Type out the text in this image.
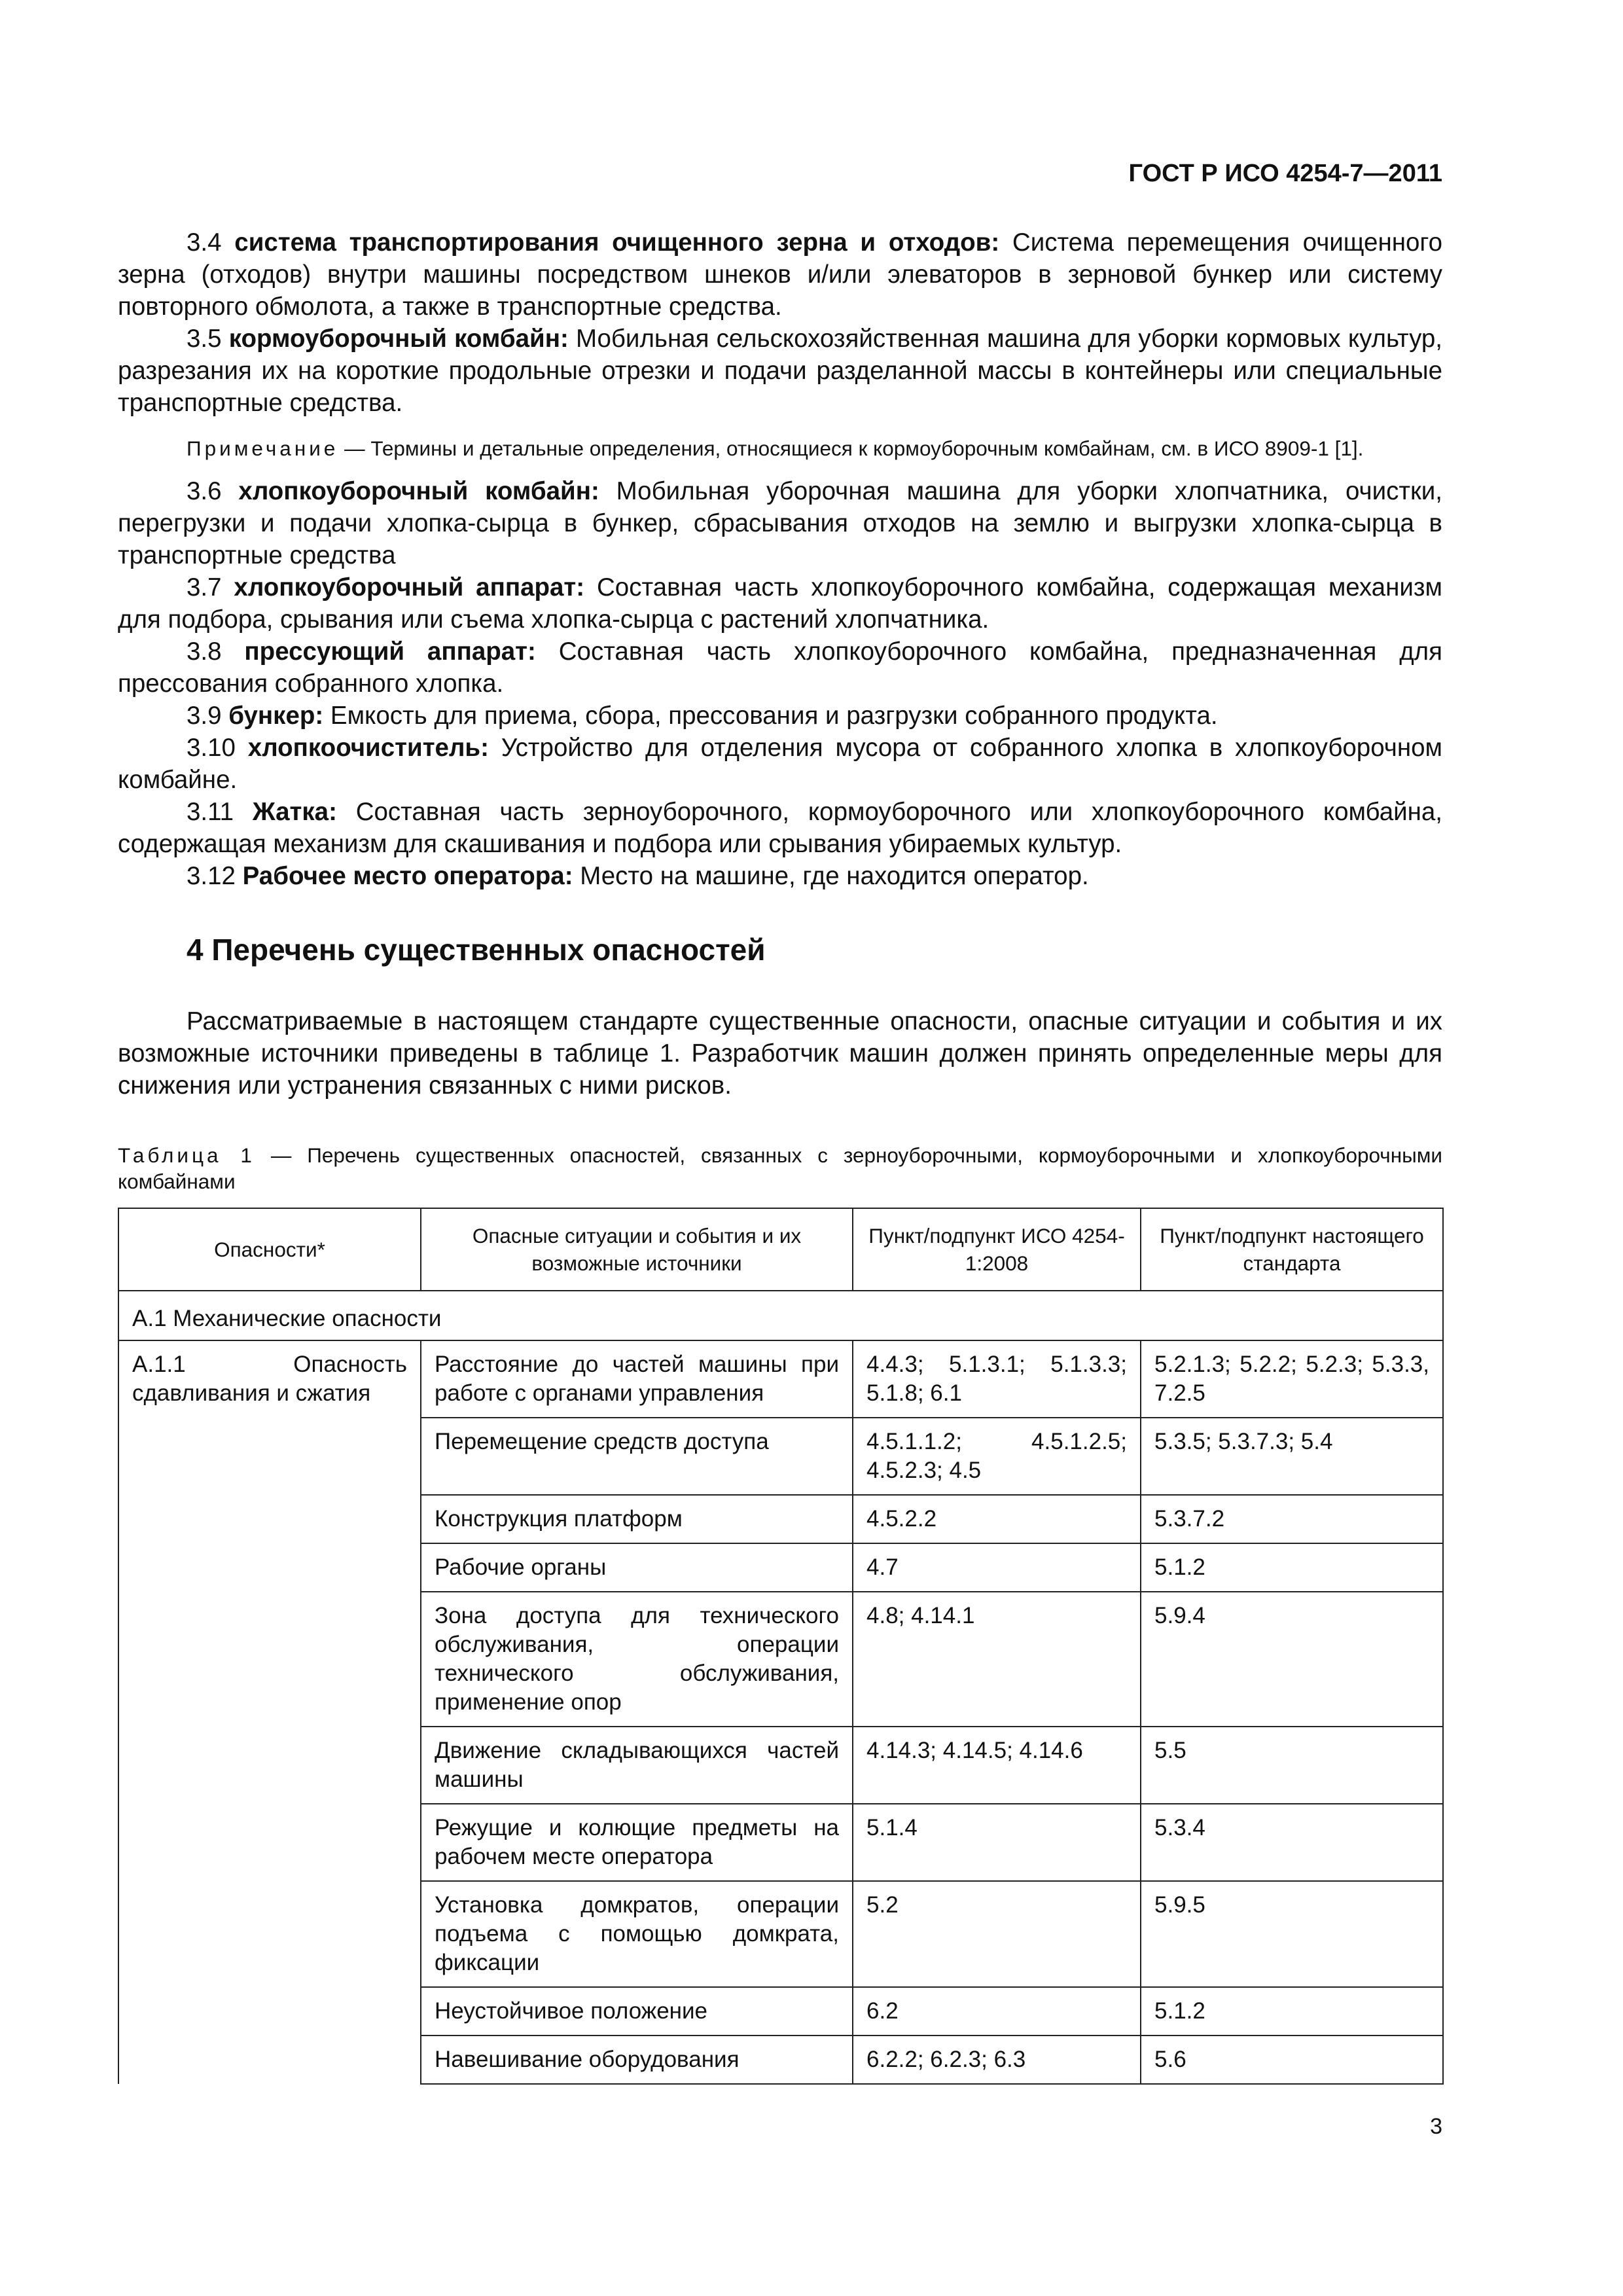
ГОСТ Р ИСО 4254-7—2011

3.4 система транспортирования очищенного зерна и отходов: Система перемещения очищенного зерна (отходов) внутри машины посредством шнеков и/или элеваторов в зерновой бункер или систему повторного обмолота, а также в транспортные средства.

3.5 кормоуборочный комбайн: Мобильная сельскохозяйственная машина для уборки кормовых культур, разрезания их на короткие продольные отрезки и подачи разделанной массы в контейнеры или специальные транспортные средства.

Примечание — Термины и детальные определения, относящиеся к кормоуборочным комбайнам, см. в ИСО 8909-1 [1].

3.6 хлопкоуборочный комбайн: Мобильная уборочная машина для уборки хлопчатника, очистки, перегрузки и подачи хлопка-сырца в бункер, сбрасывания отходов на землю и выгрузки хлопка-сырца в транспортные средства

3.7 хлопкоуборочный аппарат: Составная часть хлопкоуборочного комбайна, содержащая механизм для подбора, срывания или съема хлопка-сырца с растений хлопчатника.

3.8 прессующий аппарат: Составная часть хлопкоуборочного комбайна, предназначенная для прессования собранного хлопка.

3.9 бункер: Емкость для приема, сбора, прессования и разгрузки собранного продукта.

3.10 хлопкоочиститель: Устройство для отделения мусора от собранного хлопка в хлопкоуборочном комбайне.

3.11 Жатка: Составная часть зерноуборочного, кормоуборочного или хлопкоуборочного комбайна, содержащая механизм для скашивания и подбора или срывания убираемых культур.

3.12 Рабочее место оператора: Место на машине, где находится оператор.

4 Перечень существенных опасностей

Рассматриваемые в настоящем стандарте существенные опасности, опасные ситуации и события и их возможные источники приведены в таблице 1. Разработчик машин должен принять определенные меры для снижения или устранения связанных с ними рисков.

Таблица 1 — Перечень существенных опасностей, связанных с зерноуборочными, кормоуборочными и хлопкоуборочными комбайнами
Опасности*	Опасные ситуации и события и их возможные источники	Пункт/подпункт ИСО 4254-1:2008	Пункт/подпункт настоящего стандарта
А.1 Механические опасности			
А.1.1 Опасность сдавливания и сжатия	Расстояние до частей машины при работе с органами управления	4.4.3; 5.1.3.1; 5.1.3.3; 5.1.8; 6.1	5.2.1.3; 5.2.2; 5.2.3; 5.3.3, 7.2.5
	Перемещение средств доступа	4.5.1.1.2; 4.5.1.2.5; 4.5.2.3; 4.5	5.3.5; 5.3.7.3; 5.4
	Конструкция платформ	4.5.2.2	5.3.7.2
	Рабочие органы	4.7	5.1.2
	Зона доступа для технического обслуживания, операции технического обслуживания, применение опор	4.8; 4.14.1	5.9.4
	Движение складывающихся частей машины	4.14.3; 4.14.5; 4.14.6	5.5
	Режущие и колющие предметы на рабочем месте оператора	5.1.4	5.3.4
	Установка домкратов, операции подъема с помощью домкрата, фиксации	5.2	5.9.5
	Неустойчивое положение	6.2	5.1.2
	Навешивание оборудования	6.2.2; 6.2.3; 6.3	5.6
3
